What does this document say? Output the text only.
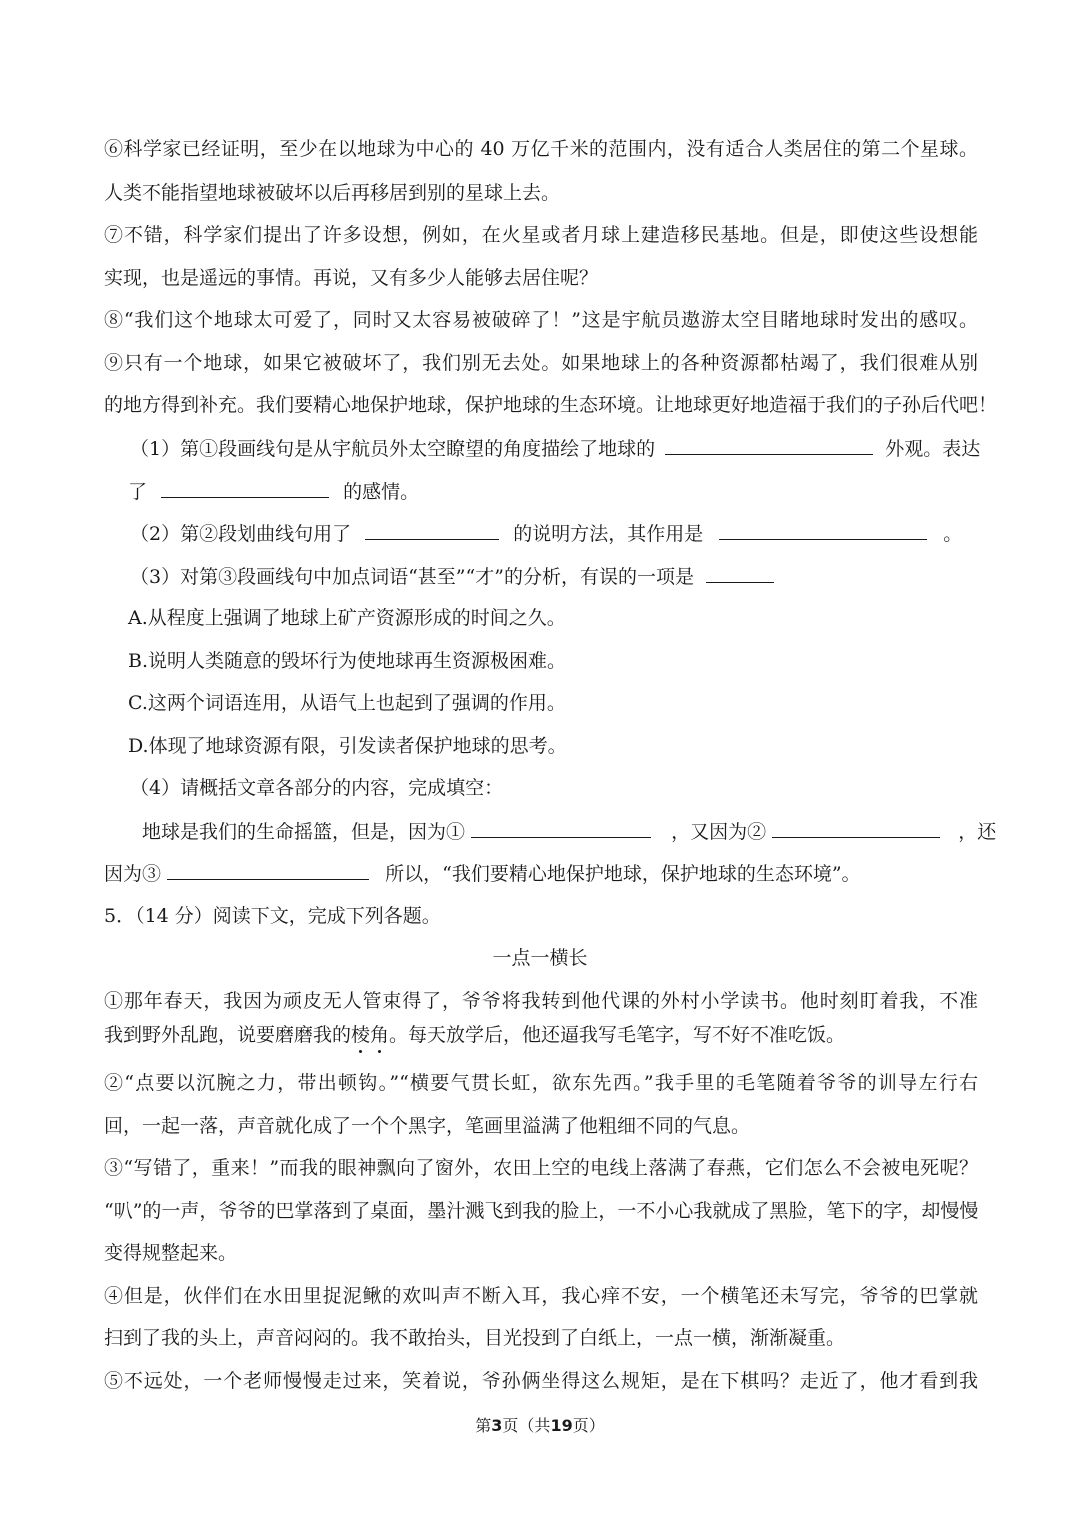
⑥科学家已经证明，至少在以地球为中心的 40 万亿千米的范围内，没有适合人类居住的第二个星球。
人类不能指望地球被破坏以后再移居到别的星球上去。
⑦不错，科学家们提出了许多设想，例如，在火星或者月球上建造移民基地。但是，即使这些设想能
实现，也是遥远的事情。再说，又有多少人能够去居住呢？
⑧“我们这个地球太可爱了，同时又太容易被破碎了！”这是宇航员遨游太空目睹地球时发出的感叹。
⑨只有一个地球，如果它被破坏了，我们别无去处。如果地球上的各种资源都枯竭了，我们很难从别
的地方得到补充。我们要精心地保护地球，保护地球的生态环境。让地球更好地造福于我们的子孙后代吧！
（1）第①段画线句是从宇航员外太空瞭望的角度描绘了地球的	外观。表达
了	的感情。
（2）第②段划曲线句用了	的说明方法，其作用是	。
（3）对第③段画线句中加点词语“甚至”“才”的分析，有误的一项是
A.从程度上强调了地球上矿产资源形成的时间之久。
B.说明人类随意的毁坏行为使地球再生资源极困难。
C.这两个词语连用，从语气上也起到了强调的作用。
D.体现了地球资源有限，引发读者保护地球的思考。
（4）请概括文章各部分的内容，完成填空：
地球是我们的生命摇篮，但是，因为①	，又因为②	，还
因为③	所以，“我们要精心地保护地球，保护地球的生态环境”。
5．（14 分）阅读下文，完成下列各题。
一点一横长
①那年春天，我因为顽皮无人管束得了，爷爷将我转到他代课的外村小学读书。他时刻盯着我，不准
我到野外乱跑，说要磨磨我的棱角。每天放学后，他还逼我写毛笔字，写不好不准吃饭。
②“点要以沉腕之力，带出顿钩。”“横要气贯长虹，欲东先西。”我手里的毛笔随着爷爷的训导左行右
回，一起一落，声音就化成了一个个黑字，笔画里溢满了他粗细不同的气息。
③“写错了，重来！”而我的眼神飘向了窗外，农田上空的电线上落满了春燕，它们怎么不会被电死呢？
“叭”的一声，爷爷的巴掌落到了桌面，墨汁溅飞到我的脸上，一不小心我就成了黑脸，笔下的字，却慢慢
变得规整起来。
④但是，伙伴们在水田里捉泥鳅的欢叫声不断入耳，我心痒不安，一个横笔还未写完，爷爷的巴掌就
扫到了我的头上，声音闷闷的。我不敢抬头，目光投到了白纸上，一点一横，渐渐凝重。
⑤不远处，一个老师慢慢走过来，笑着说，爷孙俩坐得这么规矩，是在下棋吗？走近了，他才看到我
第3页（共19页）
